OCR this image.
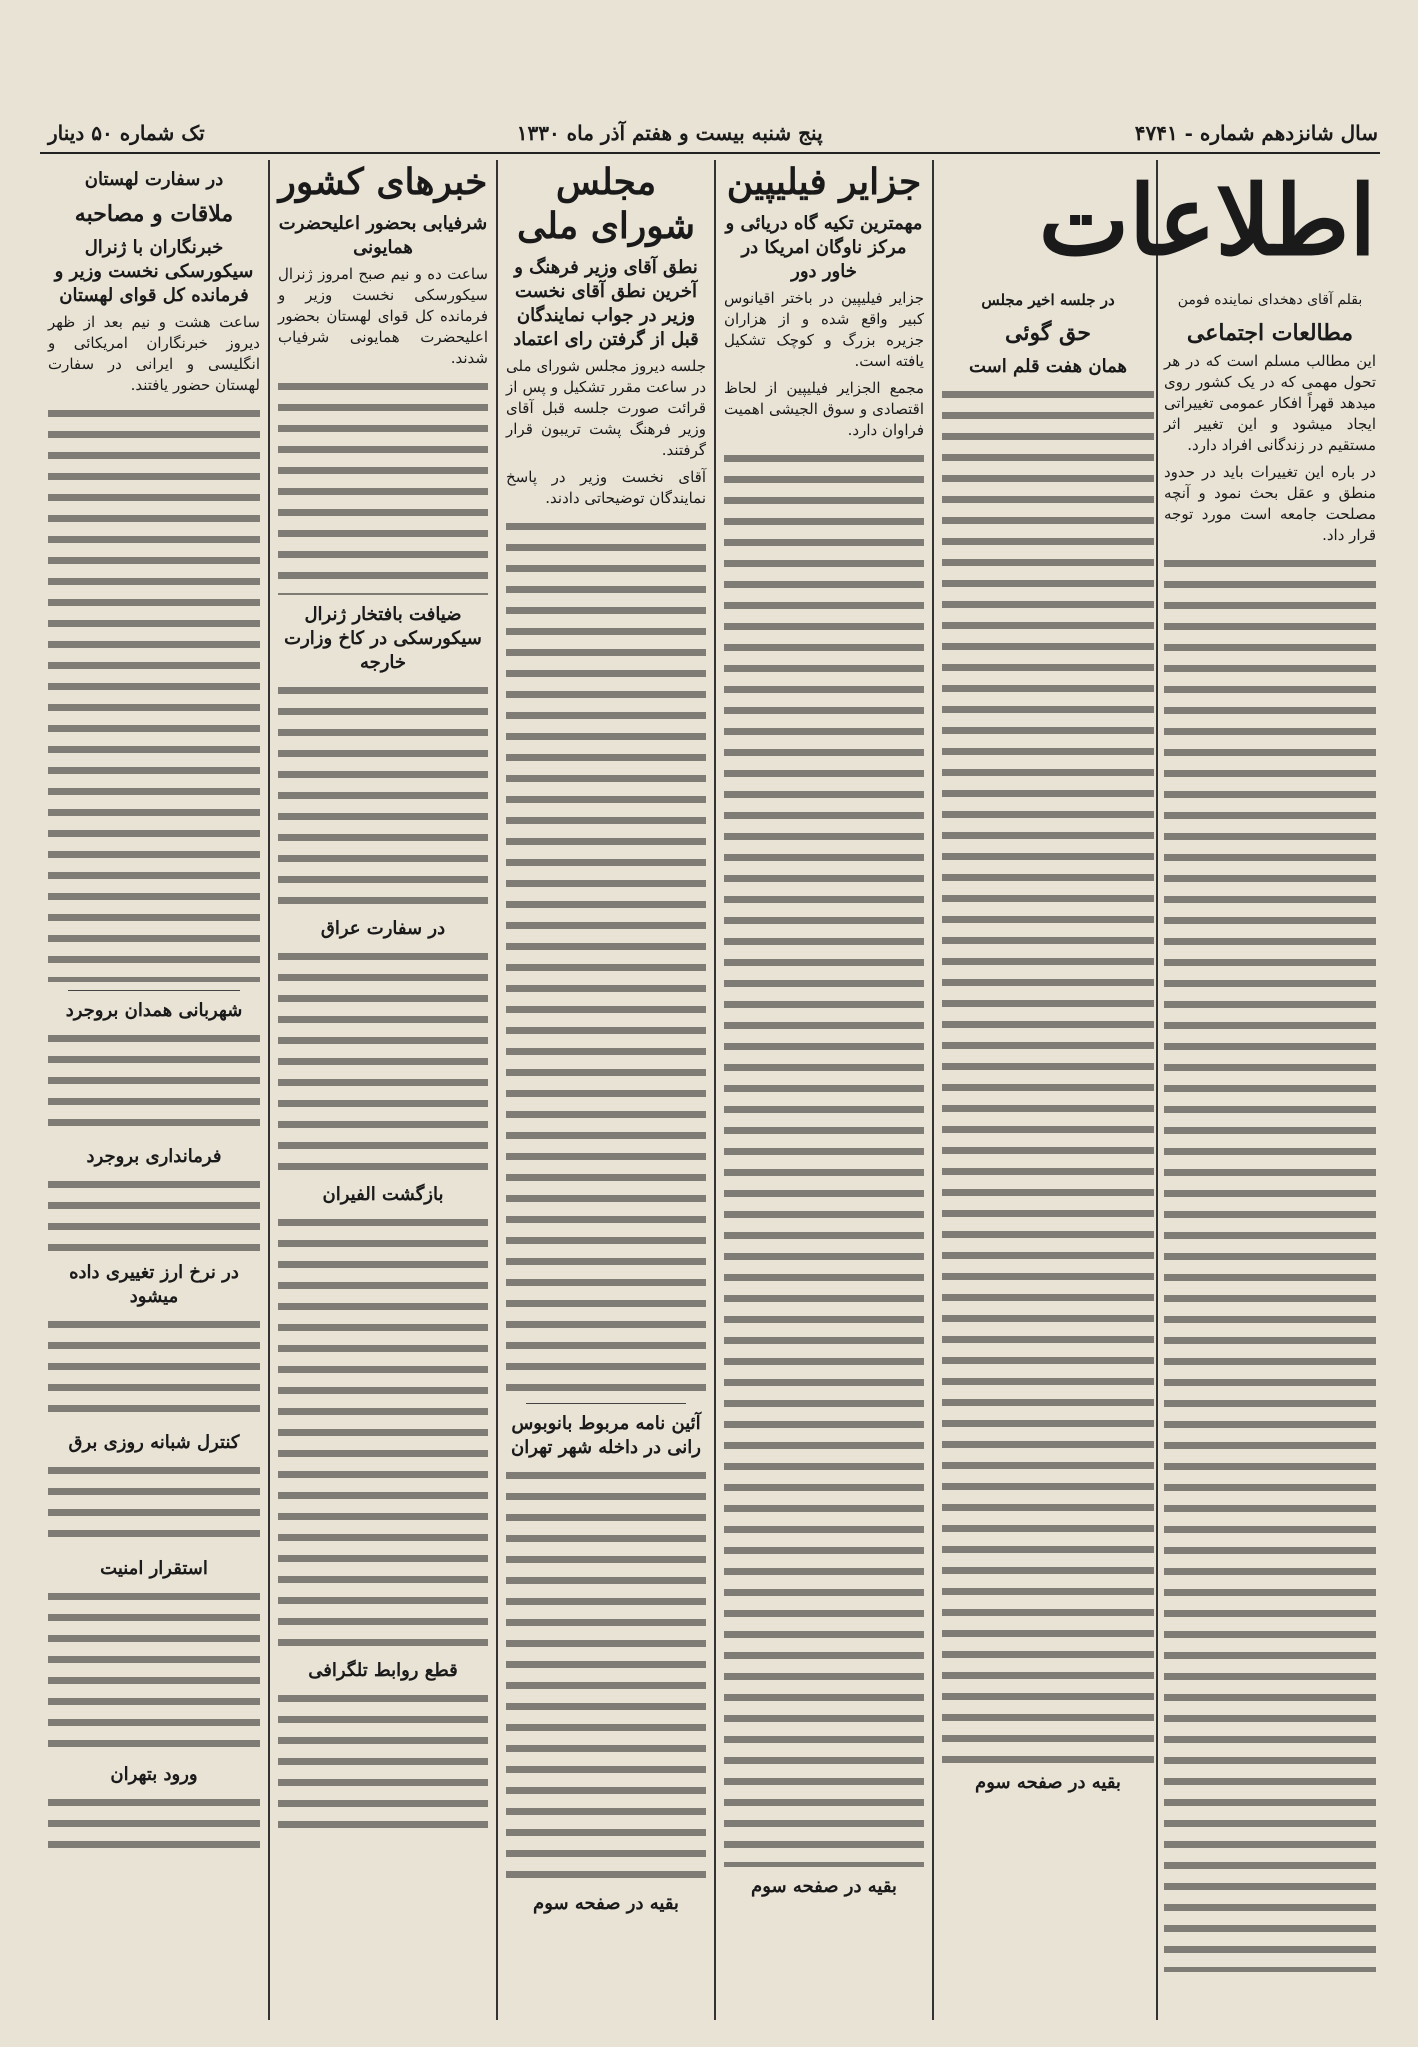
سال شانزدهم شماره - ۴۷۴۱
پنج شنبه بیست و هفتم آذر ماه ۱۳۳۰
تک شماره ۵۰ دینار
اطلاعات
بقلم آقای دهخدای نماینده فومن
مطالعات اجتماعی

این مطالب مسلم است که در هر تحول مهمی که در یک کشور روی میدهد قهراً افکار عمومی تغییراتی ایجاد میشود و این تغییر اثر مستقیم در زندگانی افراد دارد.

در باره این تغییرات باید در حدود منطق و عقل بحث نمود و آنچه مصلحت جامعه است مورد توجه قرار داد.

در جلسه اخیر مجلس
حق گوئی
همان هفت قلم است
بقیه در صفحه سوم
جزایر فیلیپین
مهمترین تکیه گاه دریائی و مرکز ناوگان امریکا در خاور دور

جزایر فیلیپین در باختر اقیانوس کبیر واقع شده و از هزاران جزیره بزرگ و کوچک تشکیل یافته است.

مجمع الجزایر فیلیپین از لحاظ اقتصادی و سوق الجیشی اهمیت فراوان دارد.

بقیه در صفحه سوم
مجلس شورای ملی
نطق آقای وزیر فرهنگ و آخرین نطق آقای نخست وزیر در جواب نمایندگان قبل از گرفتن رای اعتماد

جلسه دیروز مجلس شورای ملی در ساعت مقرر تشکیل و پس از قرائت صورت جلسه قبل آقای وزیر فرهنگ پشت تریبون قرار گرفتند.

آقای نخست وزیر در پاسخ نمایندگان توضیحاتی دادند.

آئین نامه مربوط بانوبوس رانی در داخله شهر تهران
بقیه در صفحه سوم
خبرهای کشور
شرفیابی بحضور اعلیحضرت همایونی

ساعت ده و نیم صبح امروز ژنرال سیکورسکی نخست وزیر و فرمانده کل قوای لهستان بحضور اعلیحضرت همایونی شرفیاب شدند.

ضیافت بافتخار ژنرال سیکورسکی در کاخ وزارت خارجه
در سفارت عراق
بازگشت الفیران
قطع روابط تلگرافی
در سفارت لهستان
ملاقات و مصاحبه
خبرنگاران با ژنرال سیکورسکی نخست وزیر و فرمانده کل قوای لهستان

ساعت هشت و نیم بعد از ظهر دیروز خبرنگاران امریکائی و انگلیسی و ایرانی در سفارت لهستان حضور یافتند.

شهربانی همدان بروجرد
فرمانداری بروجرد
در نرخ ارز تغییری داده میشود
کنترل شبانه روزی برق
استقرار امنیت
ورود بتهران
